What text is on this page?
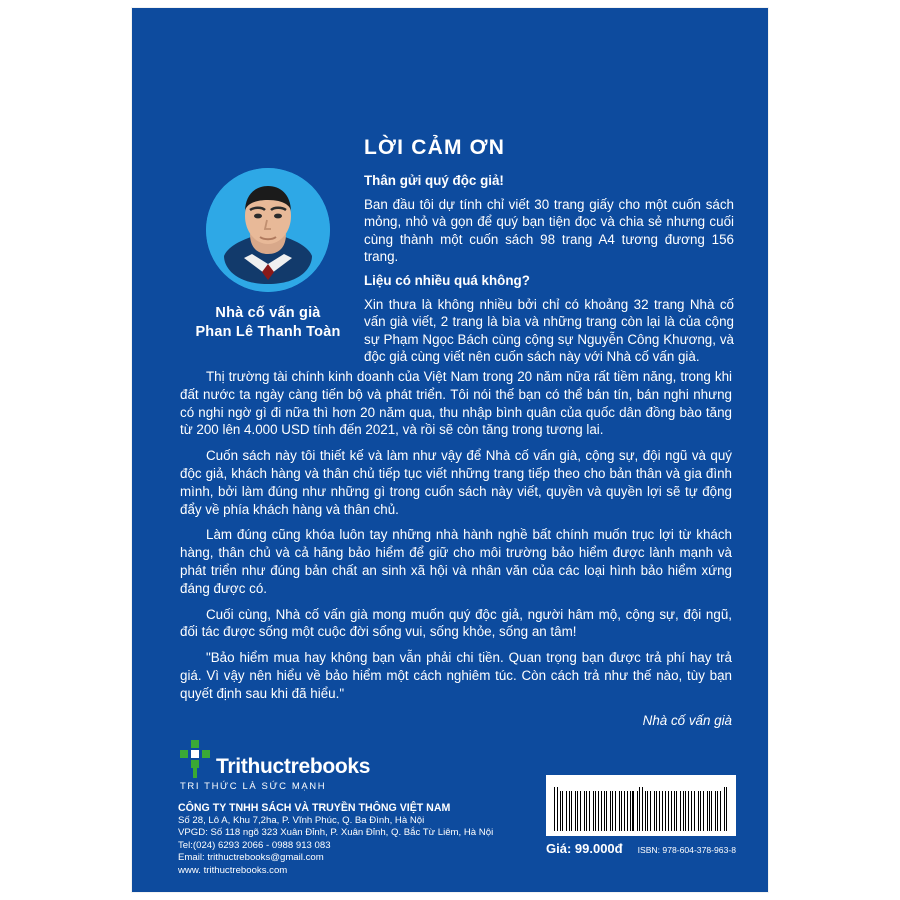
Nhà cố vấn già
Phan Lê Thanh Toàn
LỜI CẢM ƠN

Thân gửi quý độc giả!

Ban đầu tôi dự tính chỉ viết 30 trang giấy cho một cuốn sách mỏng, nhỏ và gọn để quý bạn tiện đọc và chia sẻ nhưng cuối cùng thành một cuốn sách 98 trang A4 tương đương 156 trang.

Liệu có nhiều quá không?

Xin thưa là không nhiều bởi chỉ có khoảng 32 trang Nhà cố vấn già viết, 2 trang là bìa và những trang còn lại là của cộng sự Phạm Ngọc Bách cùng cộng sự Nguyễn Công Khương, và độc giả cùng viết nên cuốn sách này với Nhà cố vấn già.

Thị trường tài chính kinh doanh của Việt Nam trong 20 năm nữa rất tiềm năng, trong khi đất nước ta ngày càng tiến bộ và phát triển. Tôi nói thế bạn có thể bán tín, bán nghi nhưng có nghi ngờ gì đi nữa thì hơn 20 năm qua, thu nhập bình quân của quốc dân đồng bào tăng từ 200 lên 4.000 USD tính đến 2021, và rồi sẽ còn tăng trong tương lai.

Cuốn sách này tôi thiết kế và làm như vậy để Nhà cố vấn già, cộng sự, đội ngũ và quý độc giả, khách hàng và thân chủ tiếp tục viết những trang tiếp theo cho bản thân và gia đình mình, bởi làm đúng như những gì trong cuốn sách này viết, quyền và quyền lợi sẽ tự động đẩy về phía khách hàng và thân chủ.

Làm đúng cũng khóa luôn tay những nhà hành nghề bất chính muốn trục lợi từ khách hàng, thân chủ và cả hãng bảo hiểm để giữ cho môi trường bảo hiểm được lành mạnh và phát triển như đúng bản chất an sinh xã hội và nhân văn của các loại hình bảo hiểm xứng đáng được có.

Cuối cùng, Nhà cố vấn già mong muốn quý độc giả, người hâm mộ, cộng sự, đội ngũ, đối tác được sống một cuộc đời sống vui, sống khỏe, sống an tâm!

"Bảo hiểm mua hay không bạn vẫn phải chi tiền. Quan trọng bạn được trả phí hay trả giá. Vì vậy nên hiểu về bảo hiểm một cách nghiêm túc. Còn cách trả như thế nào, tùy bạn quyết định sau khi đã hiểu."

Nhà cố vấn già
Trithuctrebooks
TRI THỨC LÀ SỨC MẠNH
CÔNG TY TNHH SÁCH VÀ TRUYỀN THÔNG VIỆT NAM
Số 28, Lô A, Khu 7,2ha, P. Vĩnh Phúc, Q. Ba Đình, Hà Nội
VPGD: Số 118 ngõ 323 Xuân Đỉnh, P. Xuân Đỉnh, Q. Bắc Từ Liêm, Hà Nội
Tel:(024) 6293 2066 - 0988 913 083
Email: trithuctrebooks@gmail.com
www. trithuctrebooks.com
Giá: 99.000đ ISBN: 978-604-378-963-8
